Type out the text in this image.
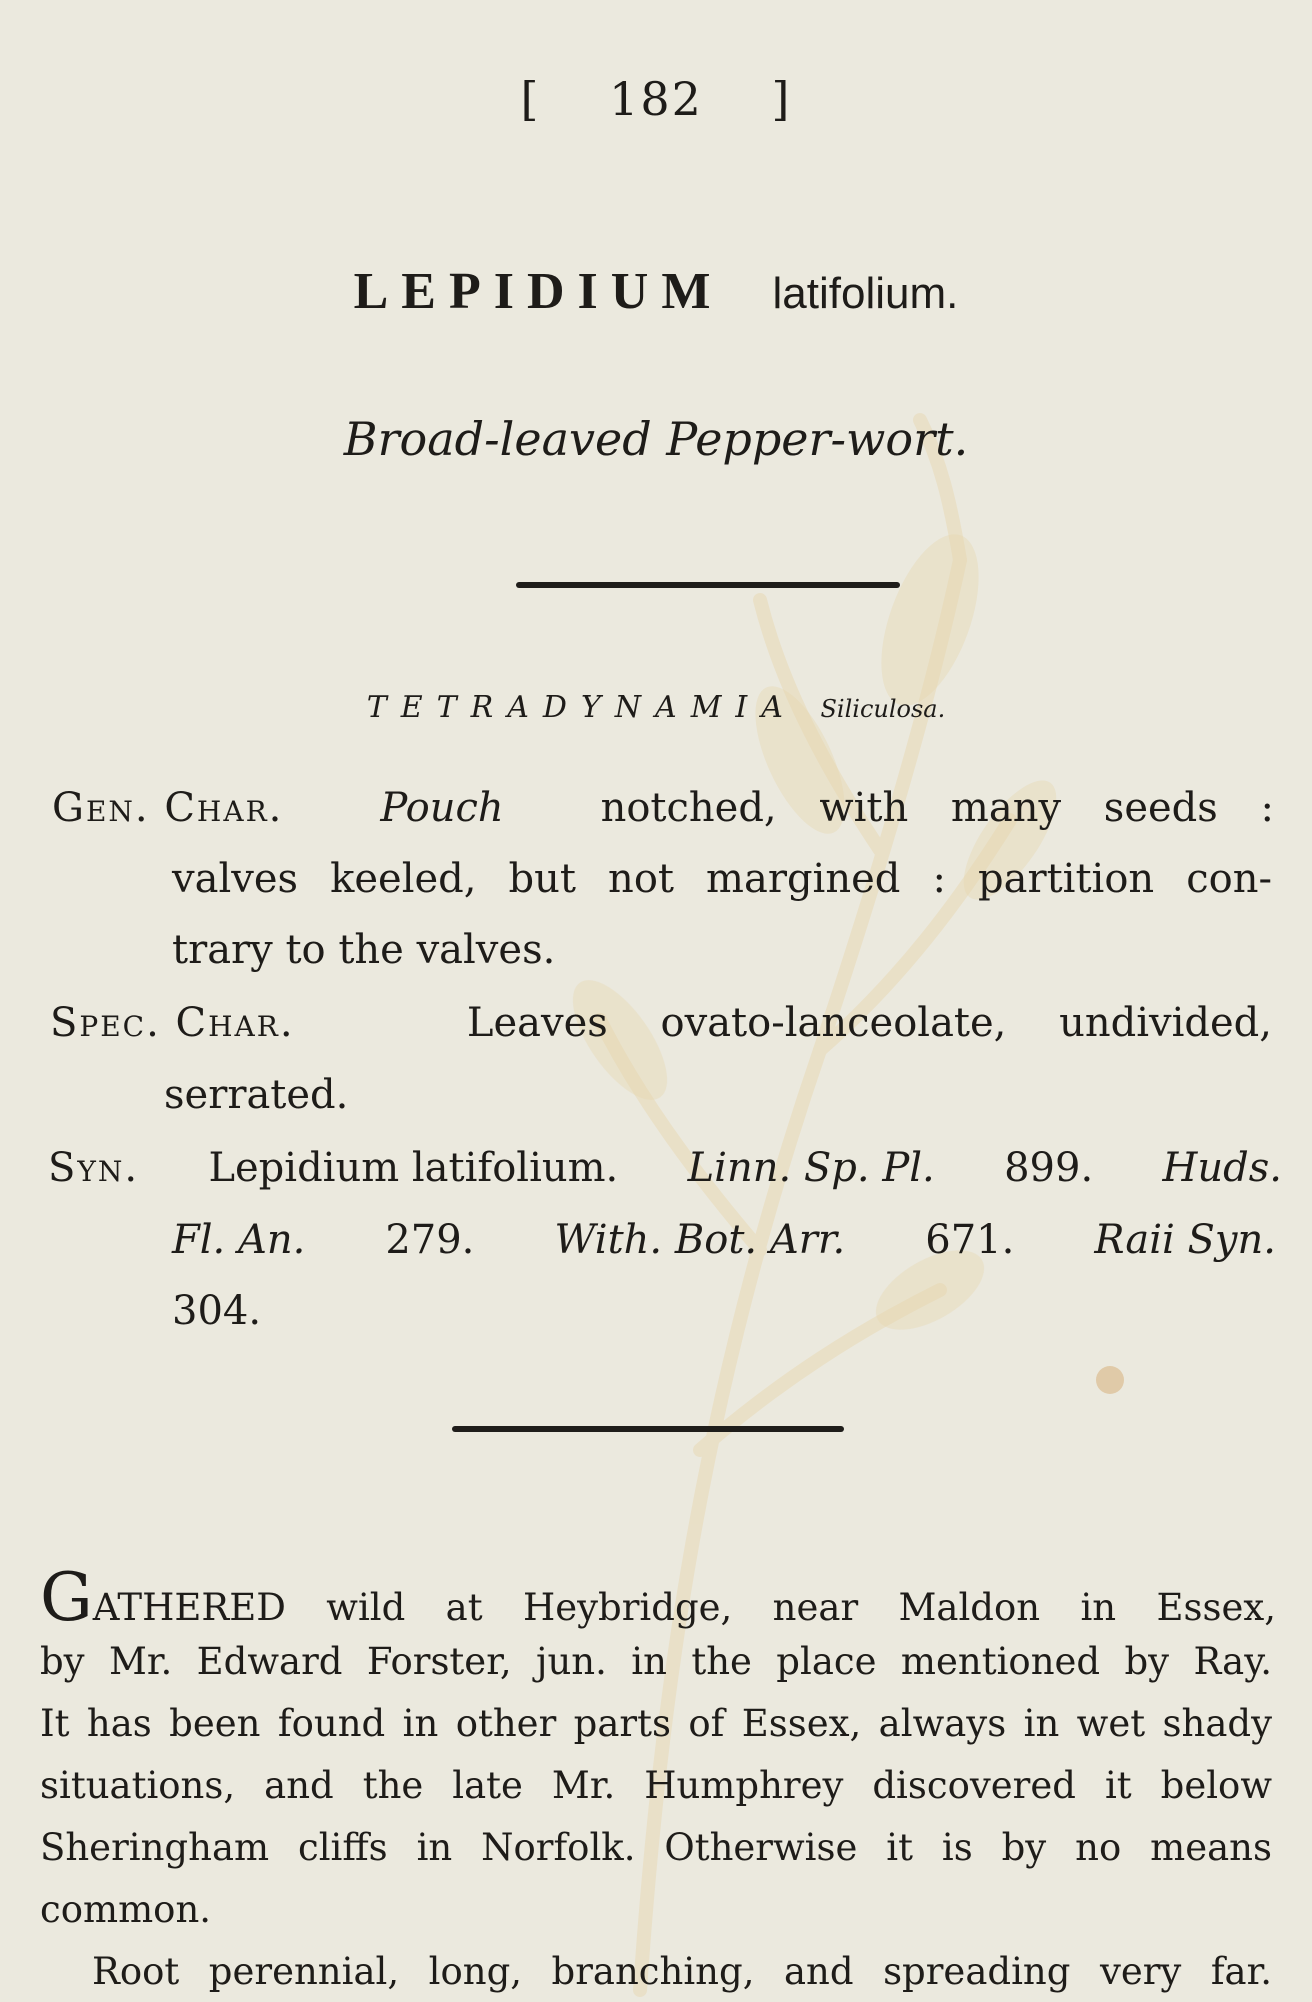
[ 182 ]
LEPIDIUM latifolium.
Broad-leaved Pepper-wort.
TETRADYNAMIA Siliculosa.
Gen. Char. Pouch notched, with many seeds :
valves keeled, but not margined : partition con-
trary to the valves.
Spec. Char.	Leaves ovato-lanceolate, undivided,
serrated.
Syn. Lepidium latifolium. Linn. Sp. Pl. 899. Huds.
Fl. An. 279. With. Bot. Arr. 671. Raii Syn.
304.
G ATHERED wild at Heybridge, near Maldon in Essex,
by Mr. Edward Forster, jun. in the place mentioned by Ray.
It has been found in other parts of Essex, always in wet shady
situations, and the late Mr. Humphrey discovered it below
Sheringham cliffs in Norfolk. Otherwise it is by no means
common.
Root perennial, long, branching, and spreading very far.
